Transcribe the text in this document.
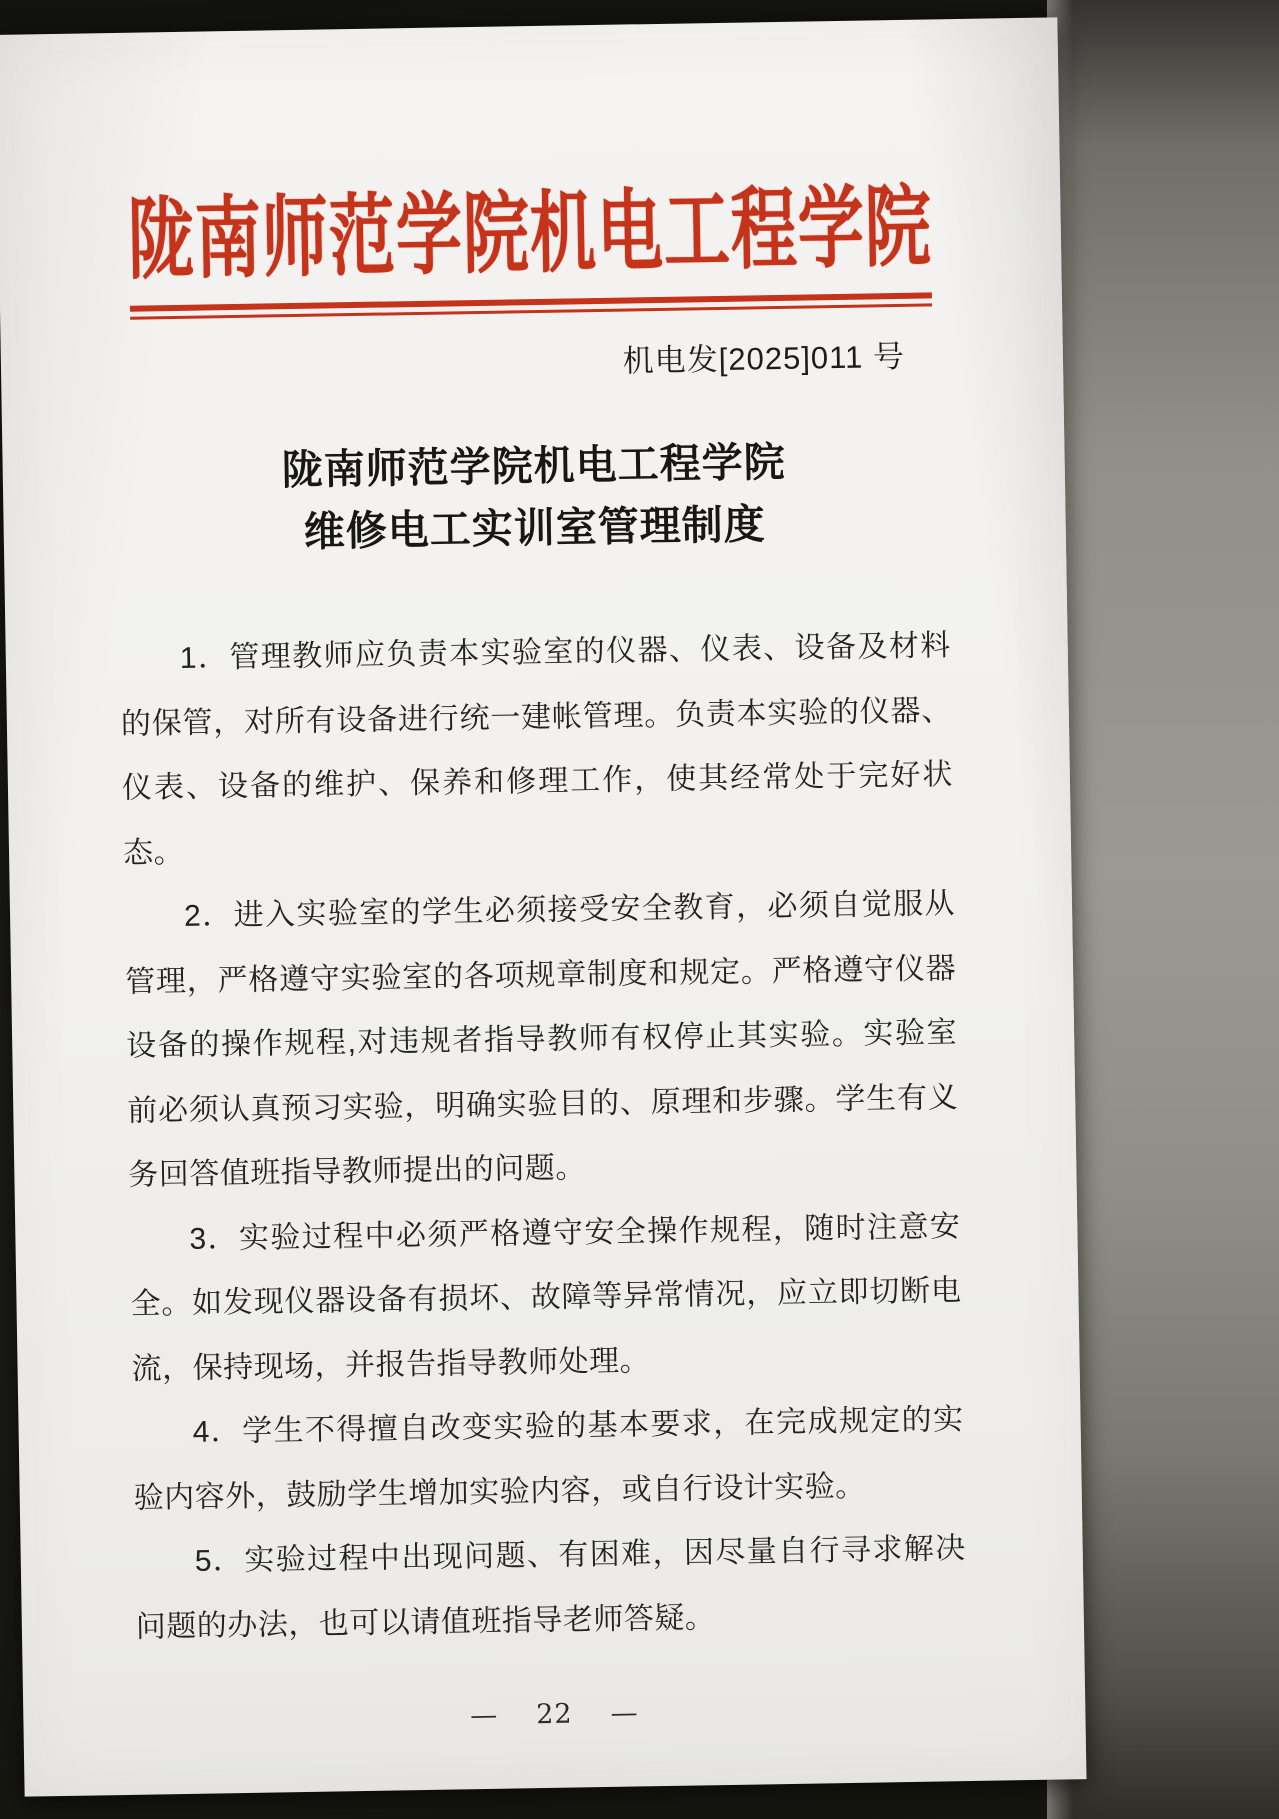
陇南师范学院机电工程学院
机电发[2025]011 号
陇南师范学院机电工程学院
维修电工实训室管理制度

1．管理教师应负责本实验室的仪器、仪表、设备及材料的保管，对所有设备进行统一建帐管理。负责本实验的仪器、仪表、设备的维护、保养和修理工作，使其经常处于完好状态。

2．进入实验室的学生必须接受安全教育，必须自觉服从管理，严格遵守实验室的各项规章制度和规定。严格遵守仪器设备的操作规程,对违规者指导教师有权停止其实验。实验室前必须认真预习实验，明确实验目的、原理和步骤。学生有义务回答值班指导教师提出的问题。

3．实验过程中必须严格遵守安全操作规程，随时注意安全。如发现仪器设备有损坏、故障等异常情况，应立即切断电流，保持现场，并报告指导教师处理。

4．学生不得擅自改变实验的基本要求，在完成规定的实验内容外，鼓励学生增加实验内容，或自行设计实验。

5．实验过程中出现问题、有困难，因尽量自行寻求解决问题的办法，也可以请值班指导老师答疑。

— 22 —
